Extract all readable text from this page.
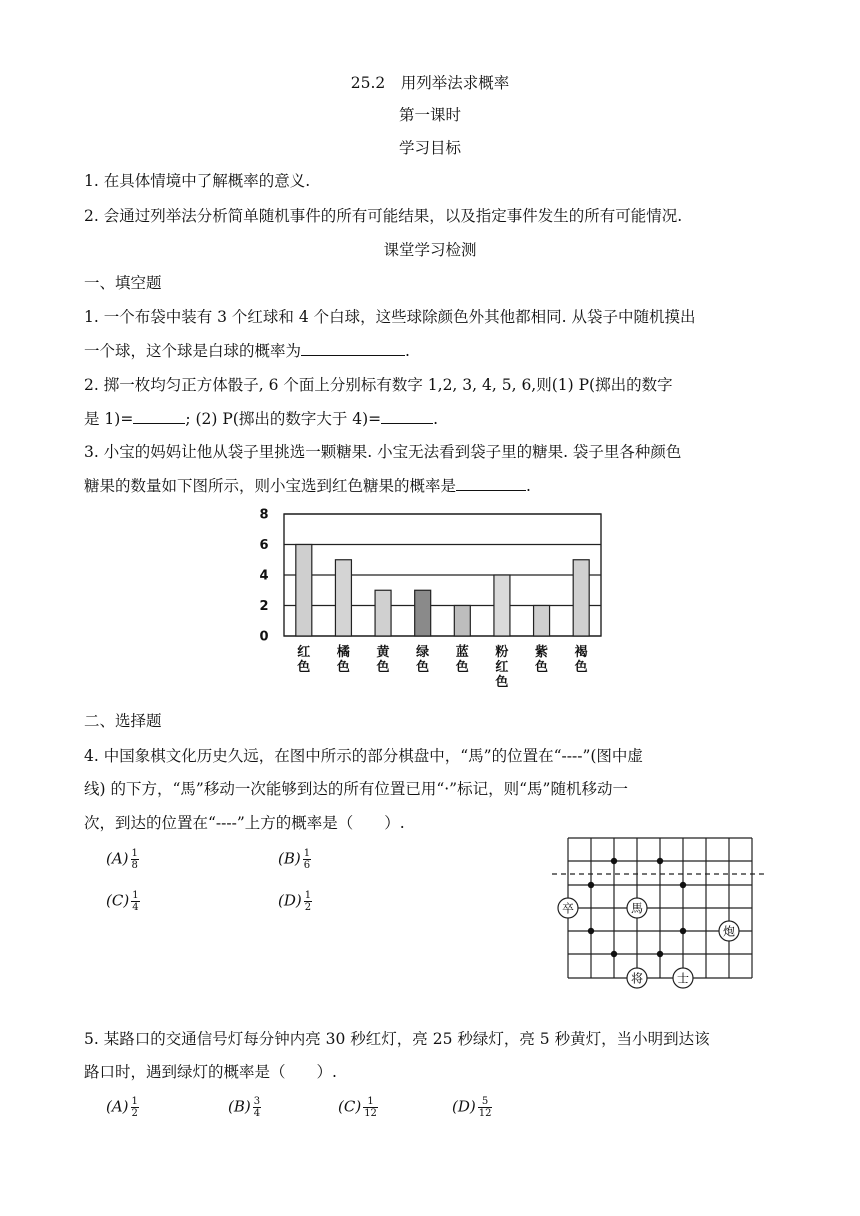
25.2　用列举法求概率
第一课时
学习目标
1. 在具体情境中了解概率的意义.
2. 会通过列举法分析简单随机事件的所有可能结果，以及指定事件发生的所有可能情况.
课堂学习检测
一、填空题
1. 一个布袋中装有 3 个红球和 4 个白球，这些球除颜色外其他都相同. 从袋子中随机摸出
一个球，这个球是白球的概率为	.
2. 掷一枚均匀正方体骰子, 6 个面上分别标有数字 1,2, 3, 4, 5, 6,则(1) P(掷出的数字
是 1)=	; (2) P(掷出的数字大于 4)=	.
3. 小宝的妈妈让他从袋子里挑选一颗糖果. 小宝无法看到袋子里的糖果. 袋子里各种颜色
糖果的数量如下图所示，则小宝选到红色糖果的概率是	.
0
2
4
6
8
红色
橘色
黄色
绿色
蓝色
粉红色
紫色
褐色
二、选择题
4. 中国象棋文化历史久远，在图中所示的部分棋盘中，“馬”的位置在“----”(图中虚
线) 的下方，“馬”移动一次能够到达的所有位置已用“·”标记，则“馬”随机移动一
次，到达的位置在“----”上方的概率是（　　）.
$(A) \frac{1}{8}$	$(B) \frac{1}{6}$
$(C) \frac{1}{4}$	$(D) \frac{1}{2}$	卒	馬
炮
将	士
5. 某路口的交通信号灯每分钟内亮 30 秒红灯，亮 25 秒绿灯，亮 5 秒黄灯，当小明到达该
路口时，遇到绿灯的概率是（　　）.
$(A) \frac{1}{2}$	$(B) \frac{3}{4}$	$(C) \frac{1}{12}$	$(D) \frac{5}{12}$
